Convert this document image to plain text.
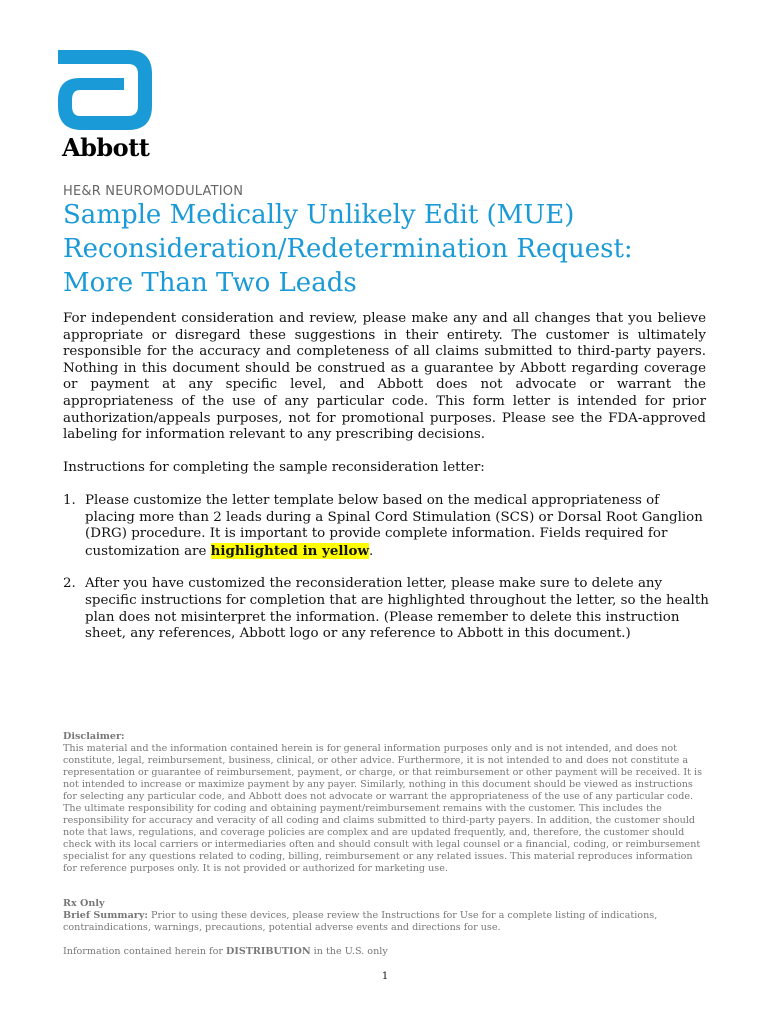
Abbott
HE&R NEUROMODULATION
Sample Medically Unlikely Edit (MUE)
Reconsideration/Redetermination Request:
More Than Two Leads

For independent consideration and review, please make any and all changes that you believe appropriate or disregard these suggestions in their entirety. The customer is ultimately responsible for the accuracy and completeness of all claims submitted to third-party payers. Nothing in this document should be construed as a guarantee by Abbott regarding coverage or payment at any specific level, and Abbott does not advocate or warrant the appropriateness of the use of any particular code. This form letter is intended for prior authorization/appeals purposes, not for promotional purposes. Please see the FDA-approved labeling for information relevant to any prescribing decisions.

Instructions for completing the sample reconsideration letter:

1. Please customize the letter template below based on the medical appropriateness of placing more than 2 leads during a Spinal Cord Stimulation (SCS) or Dorsal Root Ganglion (DRG) procedure. It is important to provide complete information. Fields required for customization are highlighted in yellow.
2. After you have customized the reconsideration letter, please make sure to delete any specific instructions for completion that are highlighted throughout the letter, so the health plan does not misinterpret the information. (Please remember to delete this instruction sheet, any references, Abbott logo or any reference to Abbott in this document.)
Disclaimer:
This material and the information contained herein is for general information purposes only and is not intended, and does not constitute, legal, reimbursement, business, clinical, or other advice. Furthermore, it is not intended to and does not constitute a representation or guarantee of reimbursement, payment, or charge, or that reimbursement or other payment will be received. It is not intended to increase or maximize payment by any payer. Similarly, nothing in this document should be viewed as instructions for selecting any particular code, and Abbott does not advocate or warrant the appropriateness of the use of any particular code. The ultimate responsibility for coding and obtaining payment/reimbursement remains with the customer. This includes the responsibility for accuracy and veracity of all coding and claims submitted to third-party payers. In addition, the customer should note that laws, regulations, and coverage policies are complex and are updated frequently, and, therefore, the customer should check with its local carriers or intermediaries often and should consult with legal counsel or a financial, coding, or reimbursement specialist for any questions related to coding, billing, reimbursement or any related issues. This material reproduces information for reference purposes only. It is not provided or authorized for marketing use.
Rx Only
Brief Summary: Prior to using these devices, please review the Instructions for Use for a complete listing of indications, contraindications, warnings, precautions, potential adverse events and directions for use.
Information contained herein for DISTRIBUTION in the U.S. only
1
